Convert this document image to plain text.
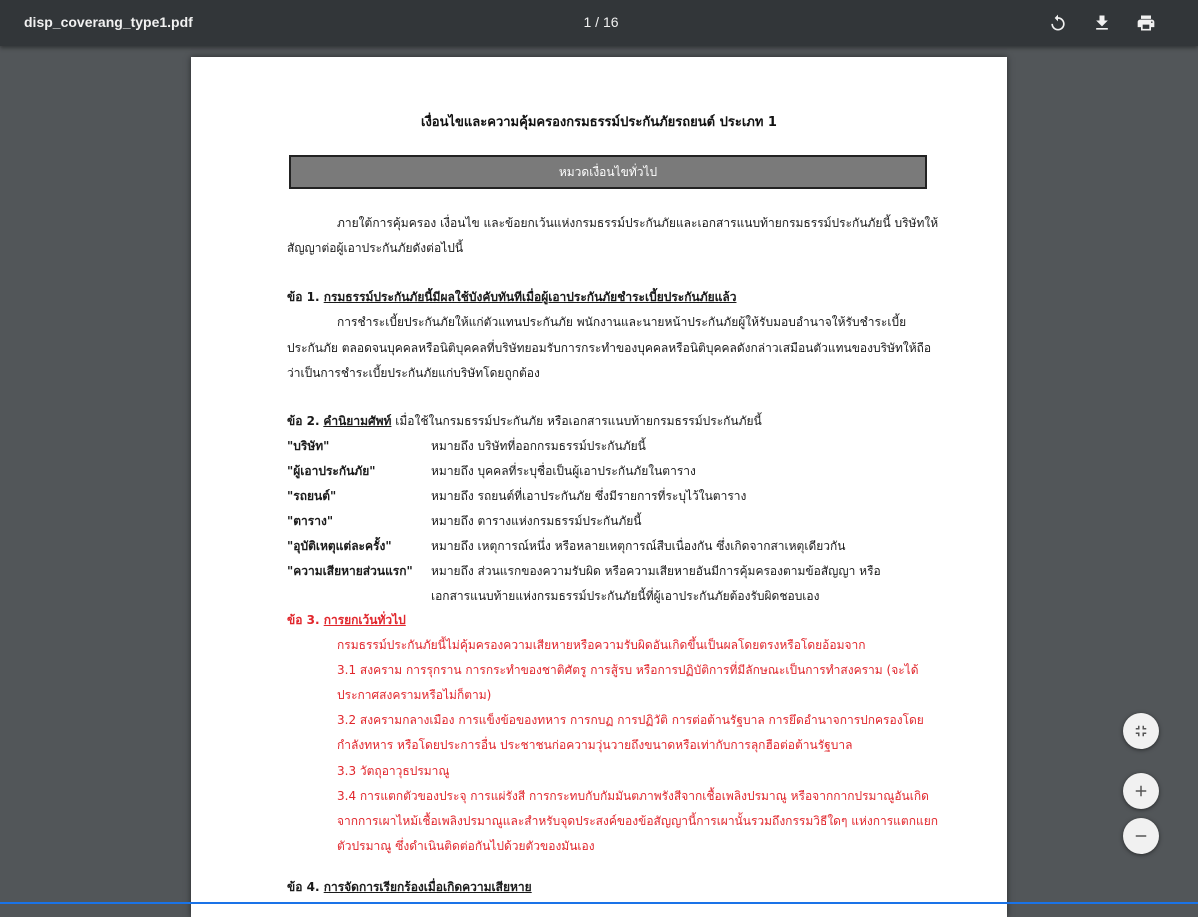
disp_coverang_type1.pdf	1 / 16
เงื่อนไขและความคุ้มครองกรมธรรม์ประกันภัยรถยนต์ ประเภท 1
หมวดเงื่อนไขทั่วไป
ภายใต้การคุ้มครอง เงื่อนไข และข้อยกเว้นแห่งกรมธรรม์ประกันภัยและเอกสารแนบท้ายกรมธรรม์ประกันภัยนี้ บริษัทให้
สัญญาต่อผู้เอาประกันภัยดังต่อไปนี้
ข้อ 1. กรมธรรม์ประกันภัยนี้มีผลใช้บังคับทันทีเมื่อผู้เอาประกันภัยชำระเบี้ยประกันภัยแล้ว
การชำระเบี้ยประกันภัยให้แก่ตัวแทนประกันภัย พนักงานและนายหน้าประกันภัยผู้ให้รับมอบอำนาจให้รับชำระเบี้ย
ประกันภัย ตลอดจนบุคคลหรือนิติบุคคลที่บริษัทยอมรับการกระทำของบุคคลหรือนิติบุคคลดังกล่าวเสมือนตัวแทนของบริษัทให้ถือ
ว่าเป็นการชำระเบี้ยประกันภัยแก่บริษัทโดยถูกต้อง
ข้อ 2. คำนิยามศัพท์ เมื่อใช้ในกรมธรรม์ประกันภัย หรือเอกสารแนบท้ายกรมธรรม์ประกันภัยนี้
"บริษัท"	หมายถึง บริษัทที่ออกกรมธรรม์ประกันภัยนี้
"ผู้เอาประกันภัย"	หมายถึง บุคคลที่ระบุชื่อเป็นผู้เอาประกันภัยในตาราง
"รถยนต์"	หมายถึง รถยนต์ที่เอาประกันภัย ซึ่งมีรายการที่ระบุไว้ในตาราง
"ตาราง"	หมายถึง ตารางแห่งกรมธรรม์ประกันภัยนี้
"อุบัติเหตุแต่ละครั้ง"	หมายถึง เหตุการณ์หนึ่ง หรือหลายเหตุการณ์สืบเนื่องกัน ซึ่งเกิดจากสาเหตุเดียวกัน
"ความเสียหายส่วนแรก" หมายถึง ส่วนแรกของความรับผิด หรือความเสียหายอันมีการคุ้มครองตามข้อสัญญา หรือ
เอกสารแนบท้ายแห่งกรมธรรม์ประกันภัยนี้ที่ผู้เอาประกันภัยต้องรับผิดชอบเอง
ข้อ 3. การยกเว้นทั่วไป
กรมธรรม์ประกันภัยนี้ไม่คุ้มครองความเสียหายหรือความรับผิดอันเกิดขึ้นเป็นผลโดยตรงหรือโดยอ้อมจาก
3.1 สงคราม การรุกราน การกระทำของชาติศัตรู การสู้รบ หรือการปฏิบัติการที่มีลักษณะเป็นการทำสงคราม (จะได้
ประกาศสงครามหรือไม่ก็ตาม)
3.2 สงครามกลางเมือง การแข็งข้อของทหาร การกบฏ การปฏิวัติ การต่อต้านรัฐบาล การยึดอำนาจการปกครองโดย
กำลังทหาร หรือโดยประการอื่น ประชาชนก่อความวุ่นวายถึงขนาดหรือเท่ากับการลุกฮือต่อต้านรัฐบาล
3.3 วัตถุอาวุธปรมาณู
3.4 การแตกตัวของประจุ การแผ่รังสี การกระทบกับกัมมันตภาพรังสีจากเชื้อเพลิงปรมาณู หรือจากกากปรมาณูอันเกิด
จากการเผาไหม้เชื้อเพลิงปรมาณูและสำหรับจุดประสงค์ของข้อสัญญานี้การเผานั้นรวมถึงกรรมวิธีใดๆ แห่งการแตกแยก
ตัวปรมาณู ซึ่งดำเนินติดต่อกันไปด้วยตัวของมันเอง
ข้อ 4. การจัดการเรียกร้องเมื่อเกิดความเสียหาย
